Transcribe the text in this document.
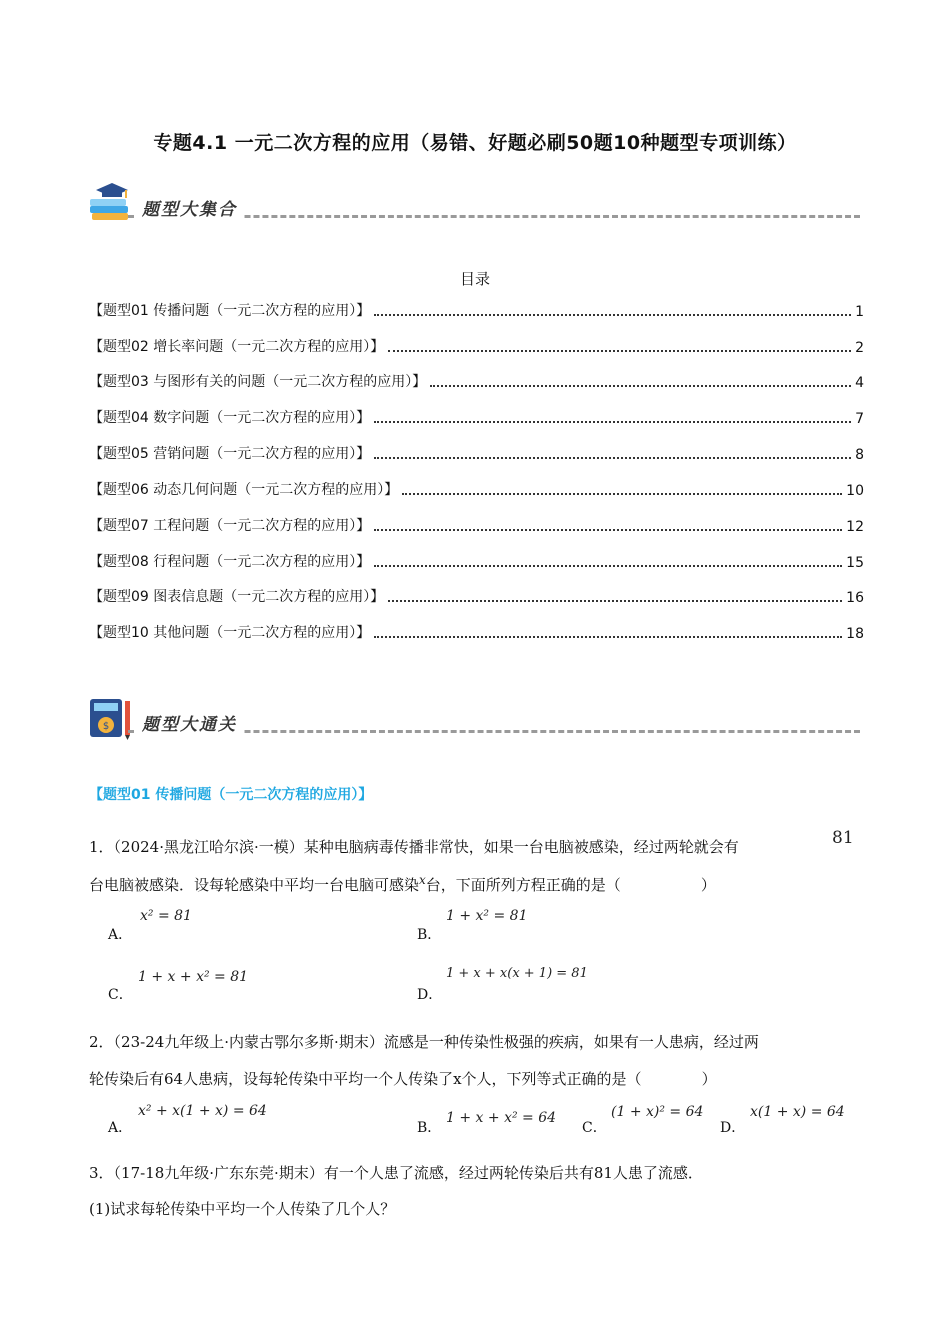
专题4.1 一元二次方程的应用（易错、好题必刷50题10种题型专项训练）
题型大集合
目录
【题型01 传播问题（一元二次方程的应用）】	1
【题型02 增长率问题（一元二次方程的应用）】	2
【题型03 与图形有关的问题（一元二次方程的应用）】	4
【题型04 数字问题（一元二次方程的应用）】	7
【题型05 营销问题（一元二次方程的应用）】	8
【题型06 动态几何问题（一元二次方程的应用）】	10
【题型07 工程问题（一元二次方程的应用）】	12
【题型08 行程问题（一元二次方程的应用）】	15
【题型09 图表信息题（一元二次方程的应用）】	16
【题型10 其他问题（一元二次方程的应用）】	18
$	题型大通关
【题型01 传播问题（一元二次方程的应用）】
1．（2024·黑龙江哈尔滨·一模）某种电脑病毒传播非常快，如果一台电脑被感染，经过两轮就会有	81
台电脑被感染．设每轮感染中平均一台电脑可感染$^x$台，下面所列方程正确的是（	）
A．
x² = 81
B．
1 + x² = 81
C．
1 + x + x² = 81
D．
1 + x + x(x + 1) = 81
2．（23-24九年级上·内蒙古鄂尔多斯·期末）流感是一种传染性极强的疾病，如果有一人患病，经过两
轮传染后有64人患病，设每轮传染中平均一个人传染了x个人，下列等式正确的是（	）
A．
x² + x(1 + x) = 64
B．
1 + x + x² = 64
C．
(1 + x)² = 64
D．
x(1 + x) = 64
3．（17-18九年级·广东东莞·期末）有一个人患了流感，经过两轮传染后共有81人患了流感．
(1)试求每轮传染中平均一个人传染了几个人？
